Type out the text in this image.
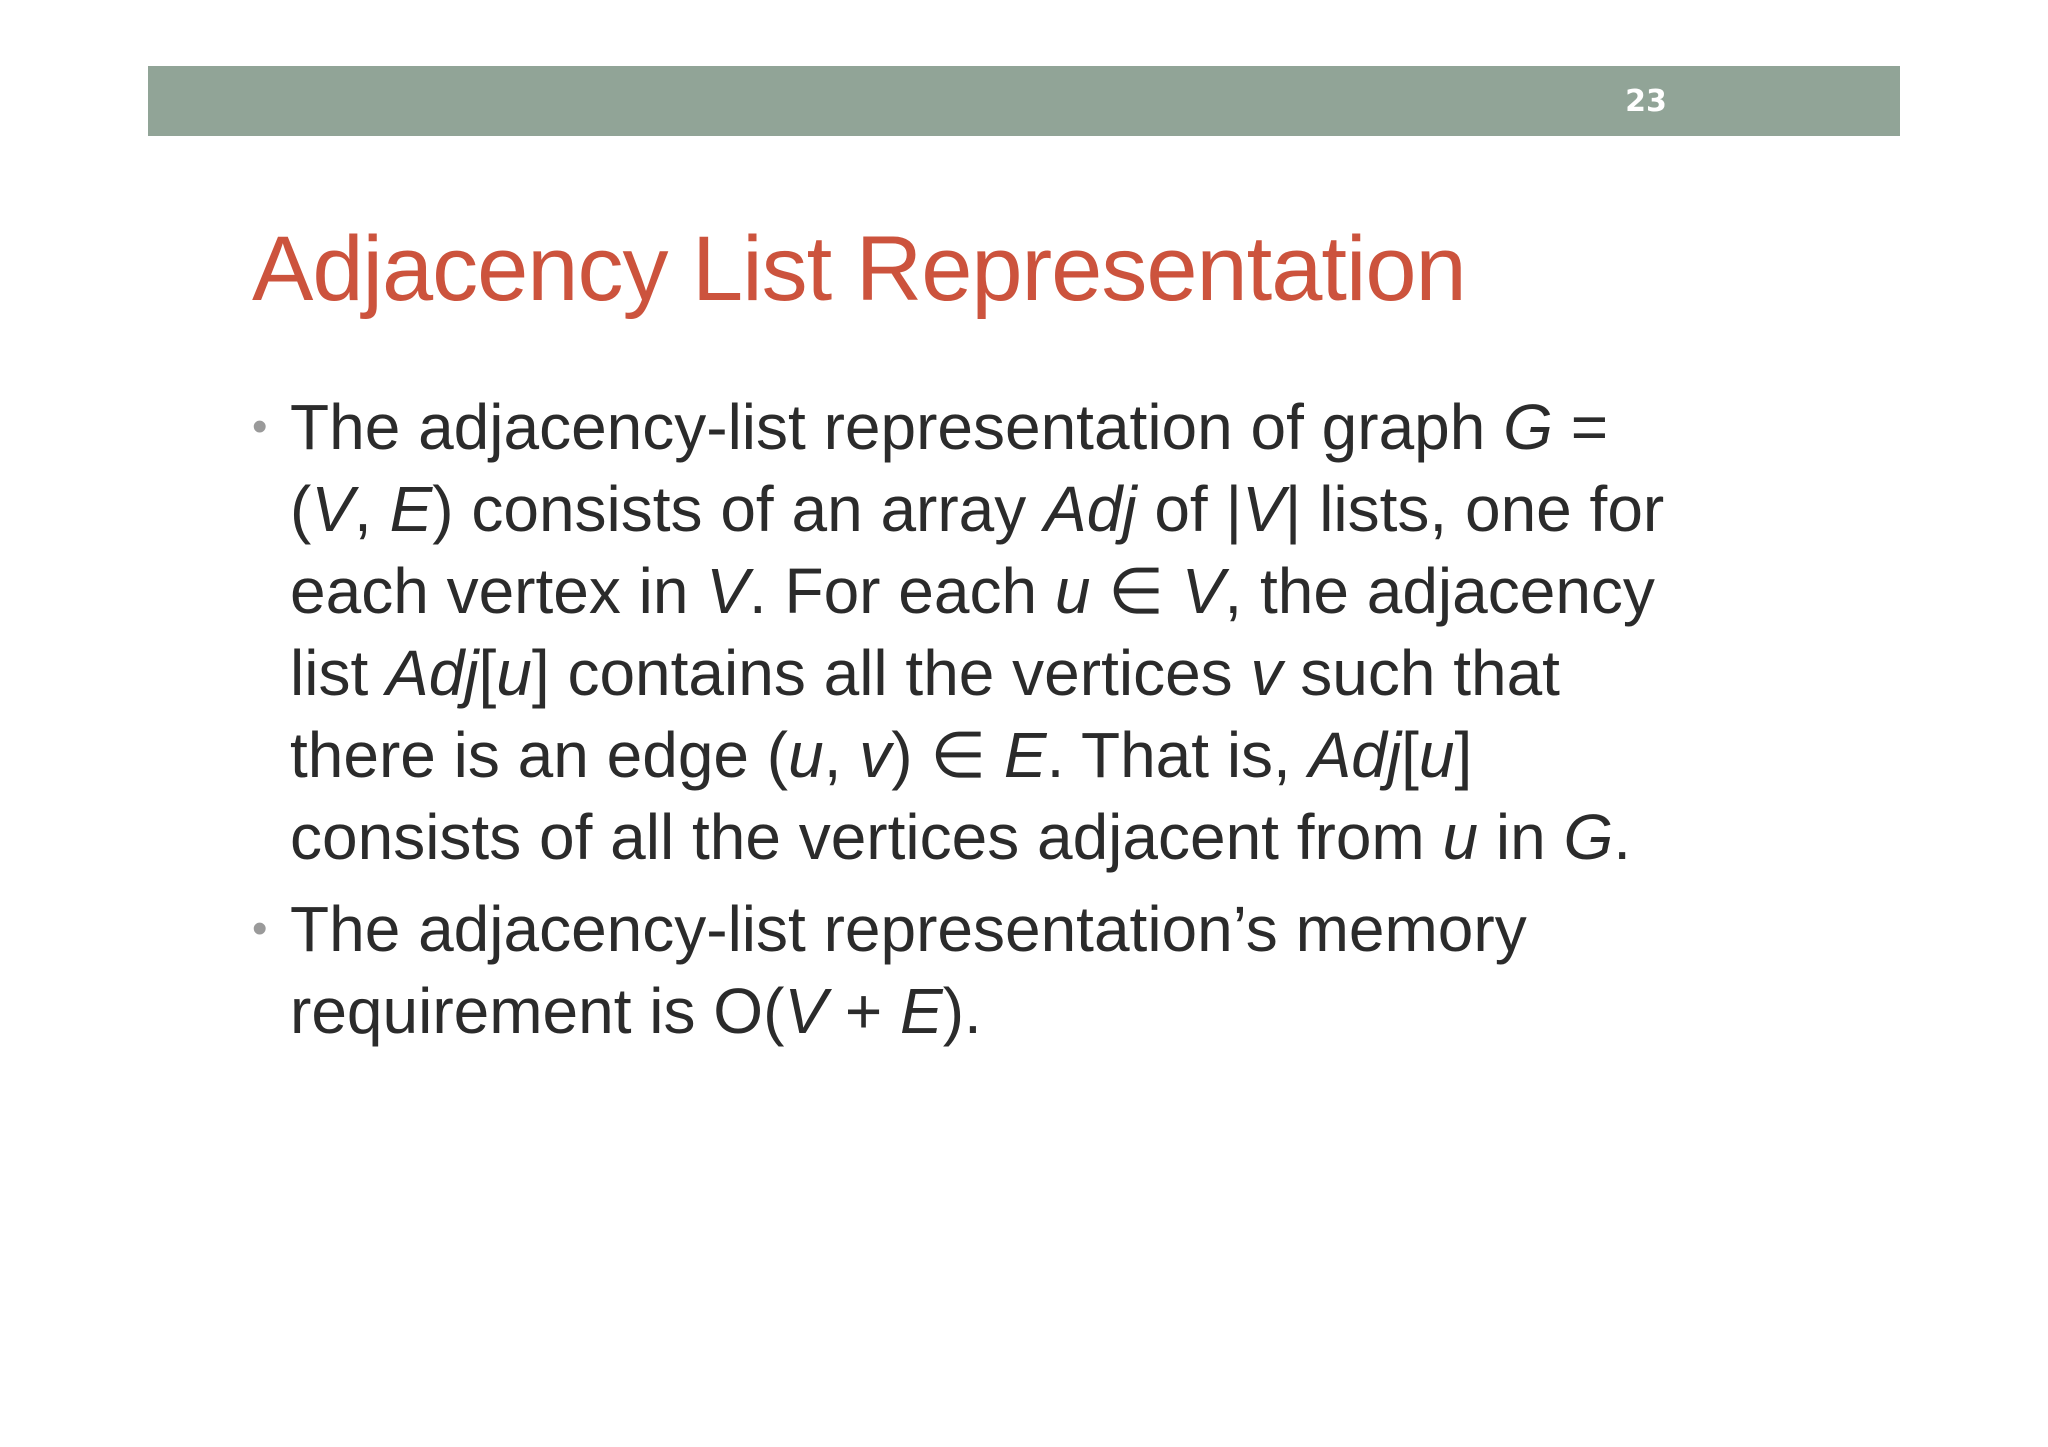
23
Adjacency List Representation
• The adjacency-list representation of graph G =
(V, E) consists of an array Adj of |V| lists, one for
each vertex in V. For each u ∈ V, the adjacency
list Adj[u] contains all the vertices v such that
there is an edge (u, v) ∈ E. That is, Adj[u]
consists of all the vertices adjacent from u in G.
• The adjacency-list representation’s memory
requirement is O(V + E).
